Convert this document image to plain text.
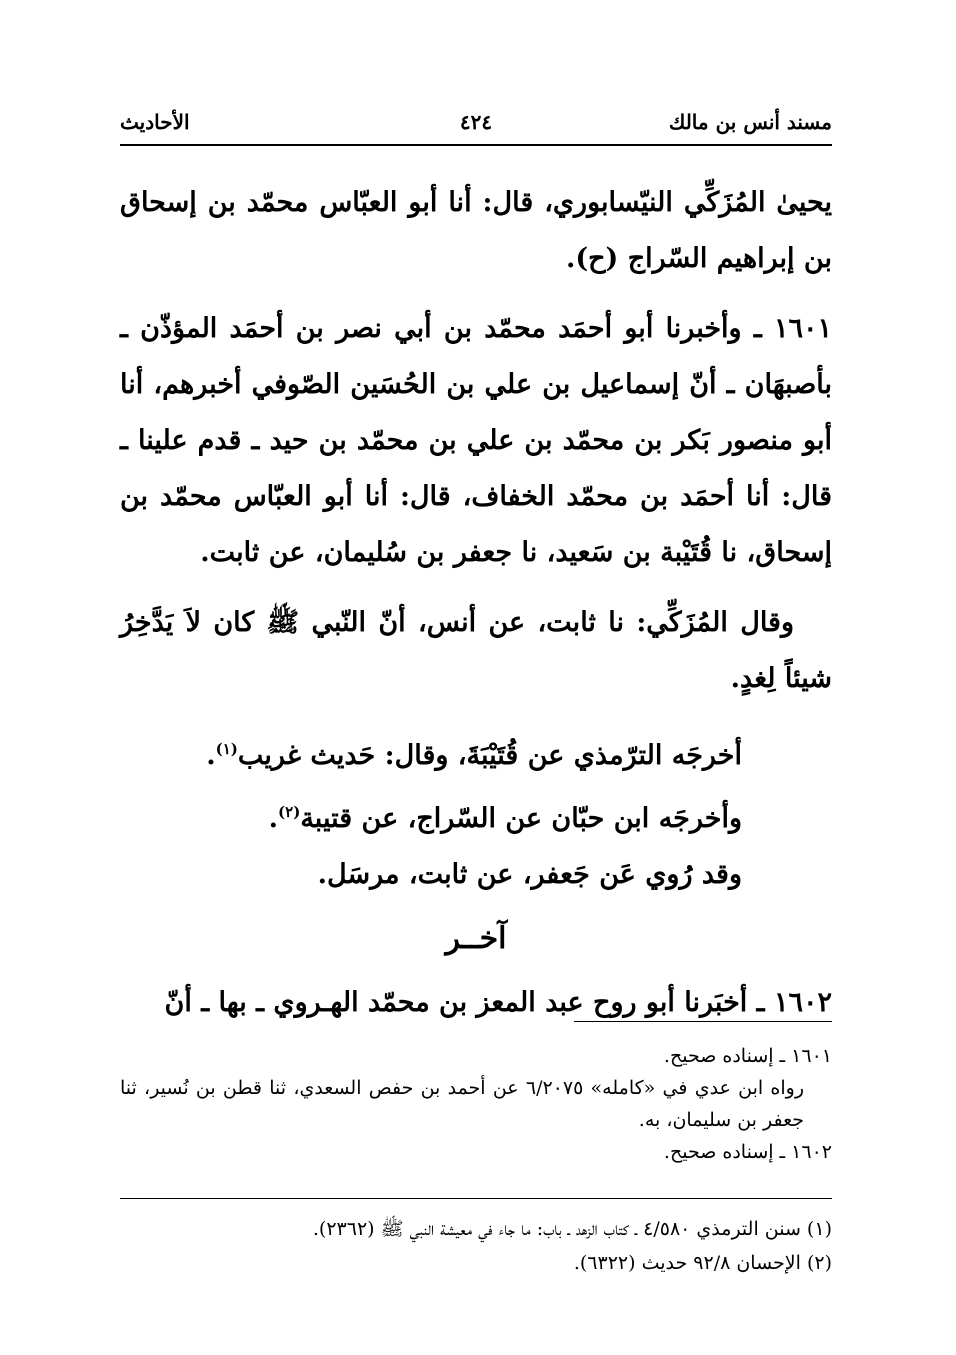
مسند أنس بن مالك
٤٢٤
الأحاديث

يحيىٰ المُزَكِّي النيّسابوري، قال: أنا أبو العبّاس محمّد بن إسحاق بن إبراهيم السّراج (ح).

١٦٠١ ـ وأخبرنا أبو أحمَد محمّد بن أبي نصر بن أحمَد المؤذّن ـ بأصبهَان ـ أنّ إسماعيل بن علي بن الحُسَين الصّوفي أخبرهم، أنا أبو منصور بَكر بن محمّد بن علي بن محمّد بن حيد ـ قدم علينا ـ قال: أنا أحمَد بن محمّد الخفاف، قال: أنا أبو العبّاس محمّد بن إسحاق، نا قُتَيْبة بن سَعيد، نا جعفر بن سُليمان، عن ثابت.

وقال المُزَكِّي: نا ثابت، عن أنس، أنّ النّبي ﷺ كان لاَ يَدَّخِرُ شيئاً لِغدٍ.

أخرجَه الترّمذي عن قُتَيْبَةَ، وقال: حَديث غريب$^{(١)}$.

وأخرجَه ابن حبّان عن السّراج، عن قتيبة$^{(٢)}$.

وقد رُوي عَن جَعفر، عن ثابت، مرسَل.

آخــر

١٦٠٢ ـ أخبَرنا أبو روح عبد المعز بن محمّد الهـروي ـ بها ـ أنّ

١٦٠١ ـ إسناده صحيح.

رواه ابن عدي في «كامله» ٦/٢٠٧٥ عن أحمد بن حفص السعدي، ثنا قطن بن نُسير، ثنا جعفر بن سليمان، به.

١٦٠٢ ـ إسناده صحيح.

(١) سنن الترمذي ٤/٥٨٠ ـ كتاب الزهد ـ باب: ما جاء في معيشة النبي ﷺ (٢٣٦٢).

(٢) الإحسان ٩٢/٨ حديث (٦٣٢٢).
